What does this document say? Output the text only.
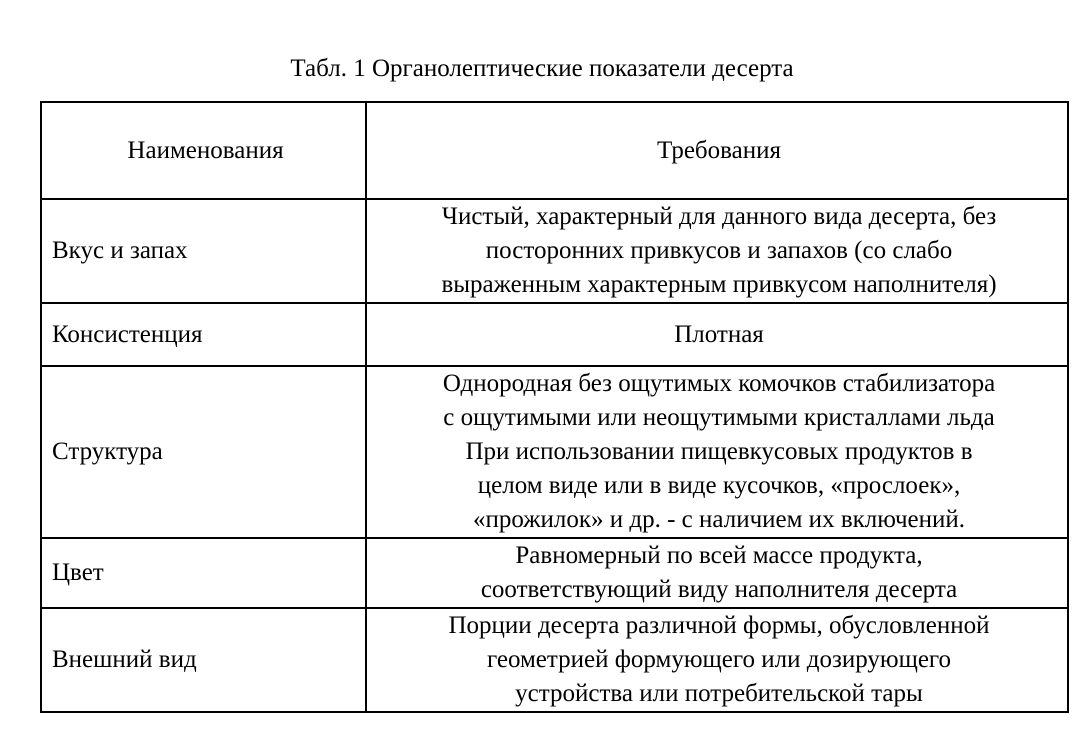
Табл. 1 Органолептические показатели десерта
Наименования	Требования
Вкус и запах	Чистый, характерный для данного вида десерта, без
посторонних привкусов и запахов (со слабо
выраженным характерным привкусом наполнителя)
Консистенция	Плотная
Структура	Однородная без ощутимых комочков стабилизатора
с ощутимыми или неощутимыми кристаллами льда
При использовании пищевкусовых продуктов в
целом виде или в виде кусочков, «прослоек»,
«прожилок» и др. - с наличием их включений.
Цвет	Равномерный по всей массе продукта,
соответствующий виду наполнителя десерта
Внешний вид	Порции десерта различной формы, обусловленной
геометрией формующего или дозирующего
устройства или потребительской тары
